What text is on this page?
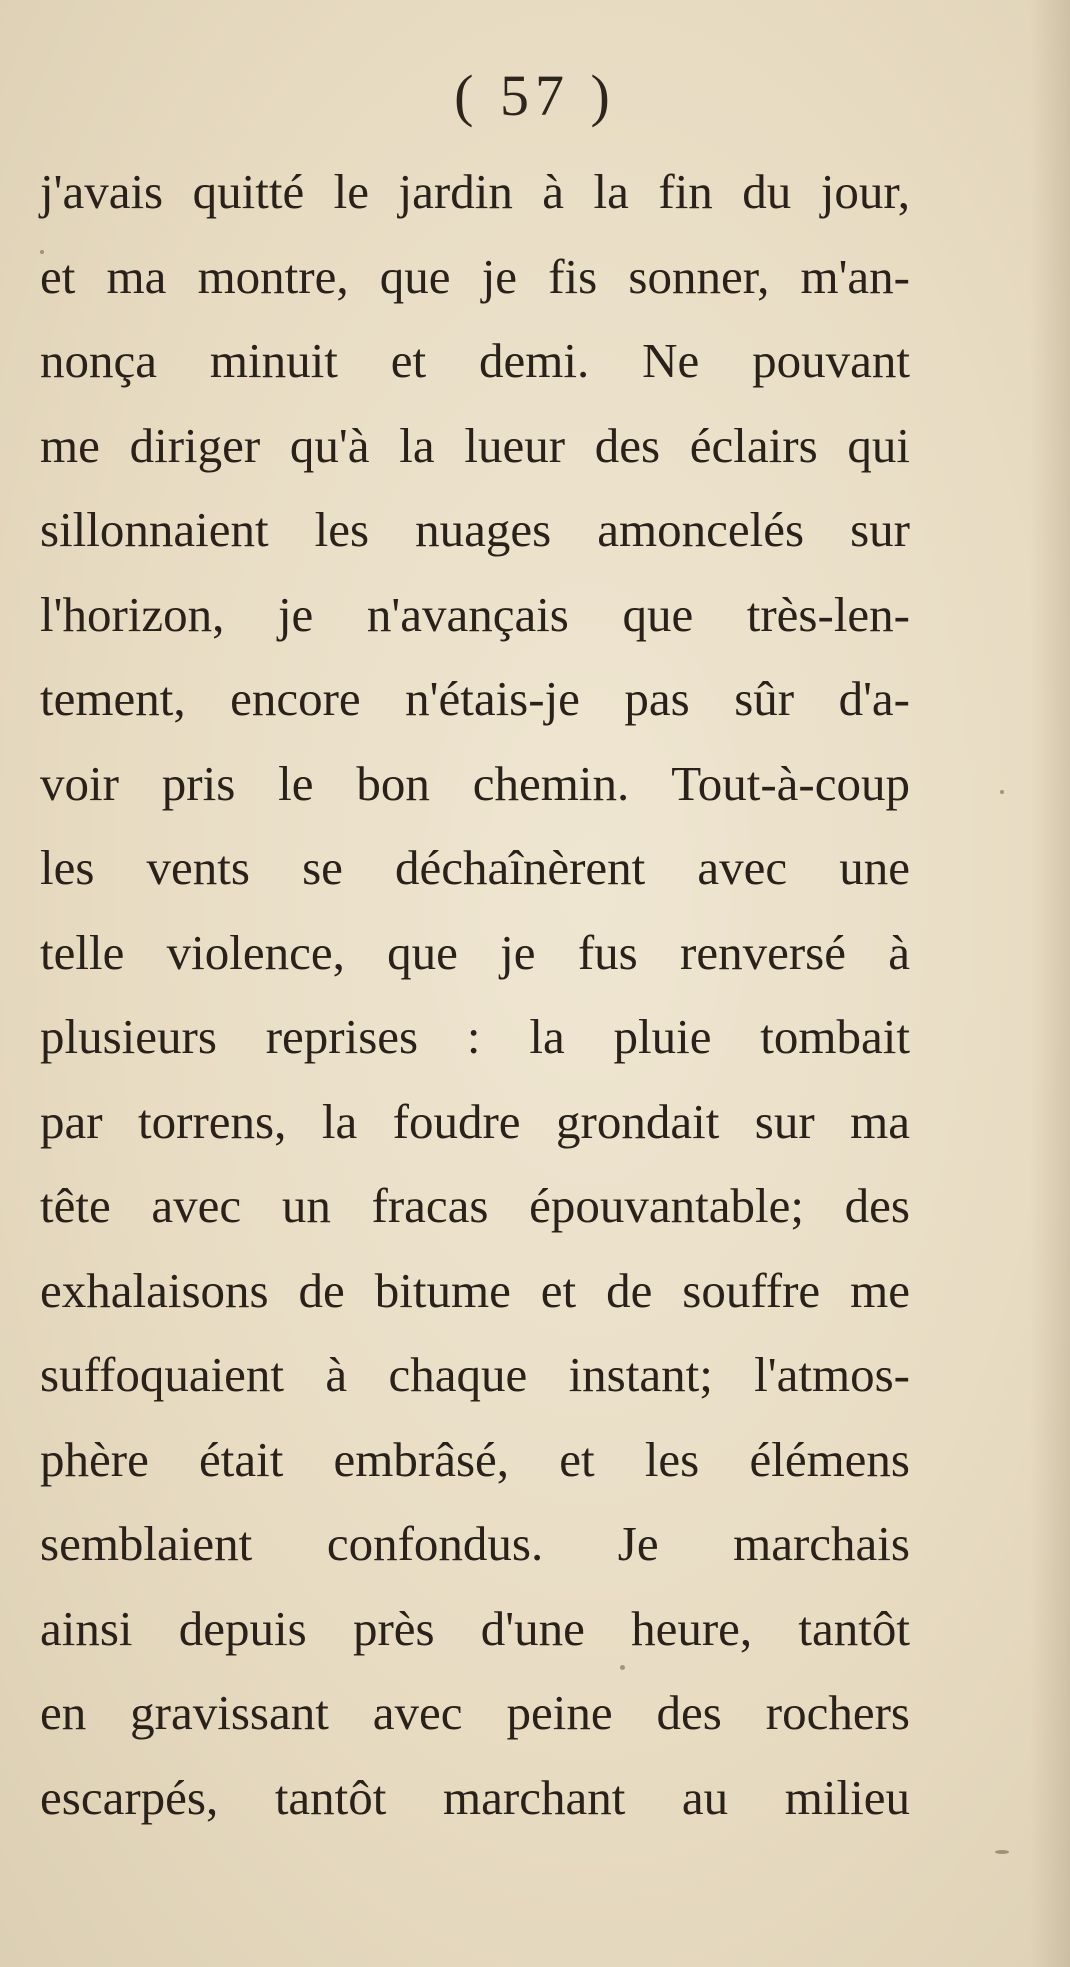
( 57 )
j'avais quitté le jardin à la fin du jour,
et ma montre, que je fis sonner, m'an-
nonça minuit et demi. Ne pouvant
me diriger qu'à la lueur des éclairs qui
sillonnaient les nuages amoncelés sur
l'horizon, je n'avançais que très-len-
tement, encore n'étais-je pas sûr d'a-
voir pris le bon chemin. Tout-à-coup
les vents se déchaînèrent avec une
telle violence, que je fus renversé à
plusieurs reprises : la pluie tombait
par torrens, la foudre grondait sur ma
tête avec un fracas épouvantable; des
exhalaisons de bitume et de souffre me
suffoquaient à chaque instant; l'atmos-
phère était embrâsé, et les élémens
semblaient confondus. Je marchais
ainsi depuis près d'une heure, tantôt
en gravissant avec peine des rochers
escarpés, tantôt marchant au milieu
